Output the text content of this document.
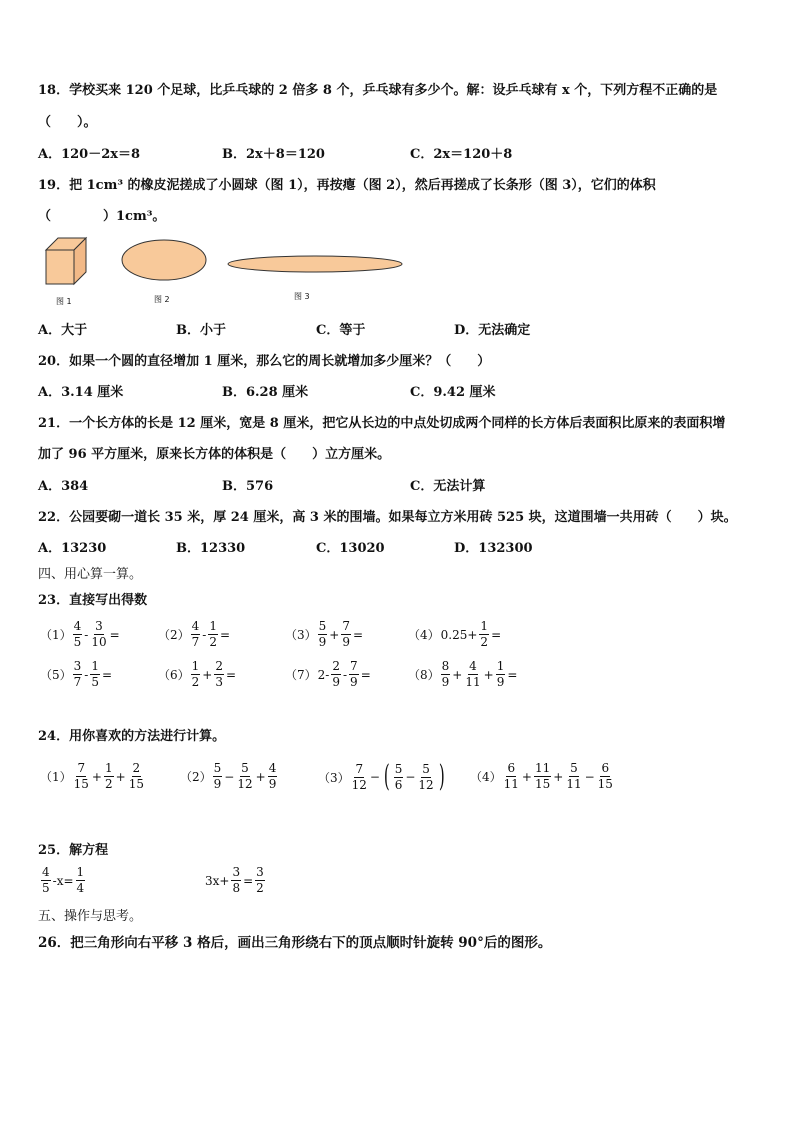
18．学校买来 120 个足球，比乒乓球的 2 倍多 8 个，乒乓球有多少个。解：设乒乓球有 x 个，下列方程不正确的是
（　　）。
A．120－2x＝8	B．2x＋8＝120	C．2x＝120＋8
19．把 1cm³ 的橡皮泥搓成了小圆球（图 1），再按瘪（图 2），然后再搓成了长条形（图 3），它们的体积
（　　　　）1cm³。
图 1	图 2	图 3
A．大于	B．小于	C．等于	D．无法确定
20．如果一个圆的直径增加 1 厘米，那么它的周长就增加多少厘米？（　　）
A．3.14 厘米	B．6.28 厘米	C．9.42 厘米
21．一个长方体的长是 12 厘米，宽是 8 厘米，把它从长边的中点处切成两个同样的长方体后表面积比原来的表面积增
加了 96 平方厘米，原来长方体的体积是（　　）立方厘米。
A．384	B．576	C．无法计算
22．公园要砌一道长 35 米，厚 24 厘米，高 3 米的围墙。如果每立方米用砖 525 块，这道围墙一共用砖（　　）块。
A．13230	B．12330	C．13020	D．132300
四、用心算一算。
23．直接写出得数
$(1) \frac{4}{5} - \frac{3}{10}$ =	$(2) \frac{4}{7} - \frac{1}{2}$ =	$(3) \frac{5}{9} + \frac{7}{9}$ =	（4） $0.25+ \frac{1}{2}$ =
$(5) \frac{3}{7} - \frac{1}{5}$ =	$(6) \frac{1}{2} + \frac{2}{3}$ =	（7） $2- \frac{2}{9} - \frac{7}{9}$ =	$(8) \frac{8}{9} + \frac{4}{11} + \frac{1}{9}$ =
24．用你喜欢的方法进行计算。
$(1) \frac{7}{15} + \frac{1}{2} + \frac{2}{15}$	$(2) \frac{5}{9} - \frac{5}{12} + \frac{4}{9}$	$(3) \frac{7}{12}$ − ( $\frac{5}{6} - \frac{5}{12}$ ) $(4) \frac{6}{11} + \frac{11}{15} + \frac{5}{11} - \frac{6}{15}$
25．解方程
$\frac{4}{5} -x= \frac{1}{4}$	$3x+ \frac{3}{8} = \frac{3}{2}$
五、操作与思考。
26．把三角形向右平移 3 格后，画出三角形绕右下的顶点顺时针旋转 90°后的图形。
